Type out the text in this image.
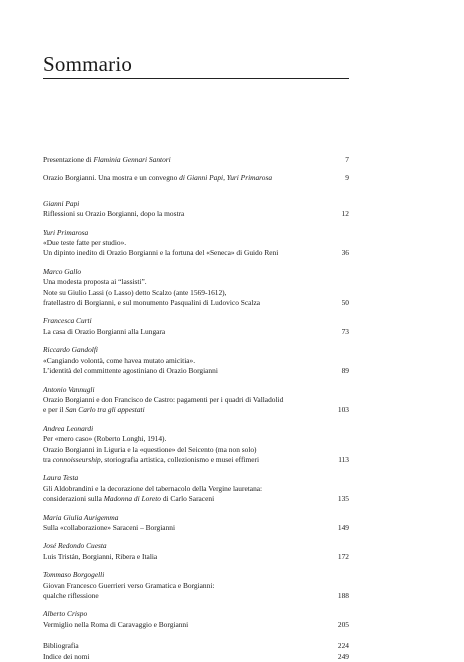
Sommario
Presentazione di Flaminia Gennari Santori	7
Orazio Borgianni. Una mostra e un convegno di Gianni Papi, Yuri Primarosa	9
Gianni Papi
Riflessioni su Orazio Borgianni, dopo la mostra	12
Yuri Primarosa
«Due teste fatte per studio».
Un dipinto inedito di Orazio Borgianni e la fortuna del «Seneca» di Guido Reni	36
Marco Gallo
Una modesta proposta ai “lassisti”.
Note su Giulio Lassi (o Lasso) detto Scalzo (ante 1569-1612),
fratellastro di Borgianni, e sul monumento Pasqualini di Ludovico Scalza	50
Francesca Curti
La casa di Orazio Borgianni alla Lungara	73
Riccardo Gandolfi
«Cangiando volontà, come havea mutato amicitia».
L’identità del committente agostiniano di Orazio Borgianni	89
Antonio Vannugli
Orazio Borgianni e don Francisco de Castro: pagamenti per i quadri di Valladolid
e per il San Carlo tra gli appestati	103
Andrea Leonardi
Per «mero caso» (Roberto Longhi, 1914).
Orazio Borgianni in Liguria e la «questione» del Seicento (ma non solo)
tra connoisseurship, storiografia artistica, collezionismo e musei effimeri	113
Laura Testa
Gli Aldobrandini e la decorazione del tabernacolo della Vergine lauretana:
considerazioni sulla Madonna di Loreto di Carlo Saraceni	135
Maria Giulia Aurigemma
Sulla «collaborazione» Saraceni – Borgianni	149
José Redondo Cuesta
Luis Tristán, Borgianni, Ribera e Italia	172
Tommaso Borgogelli
Giovan Francesco Guerrieri verso Gramatica e Borgianni:
qualche riflessione	188
Alberto Crispo
Vermiglio nella Roma di Caravaggio e Borgianni	205
Bibliografia	224
Indice dei nomi	249
